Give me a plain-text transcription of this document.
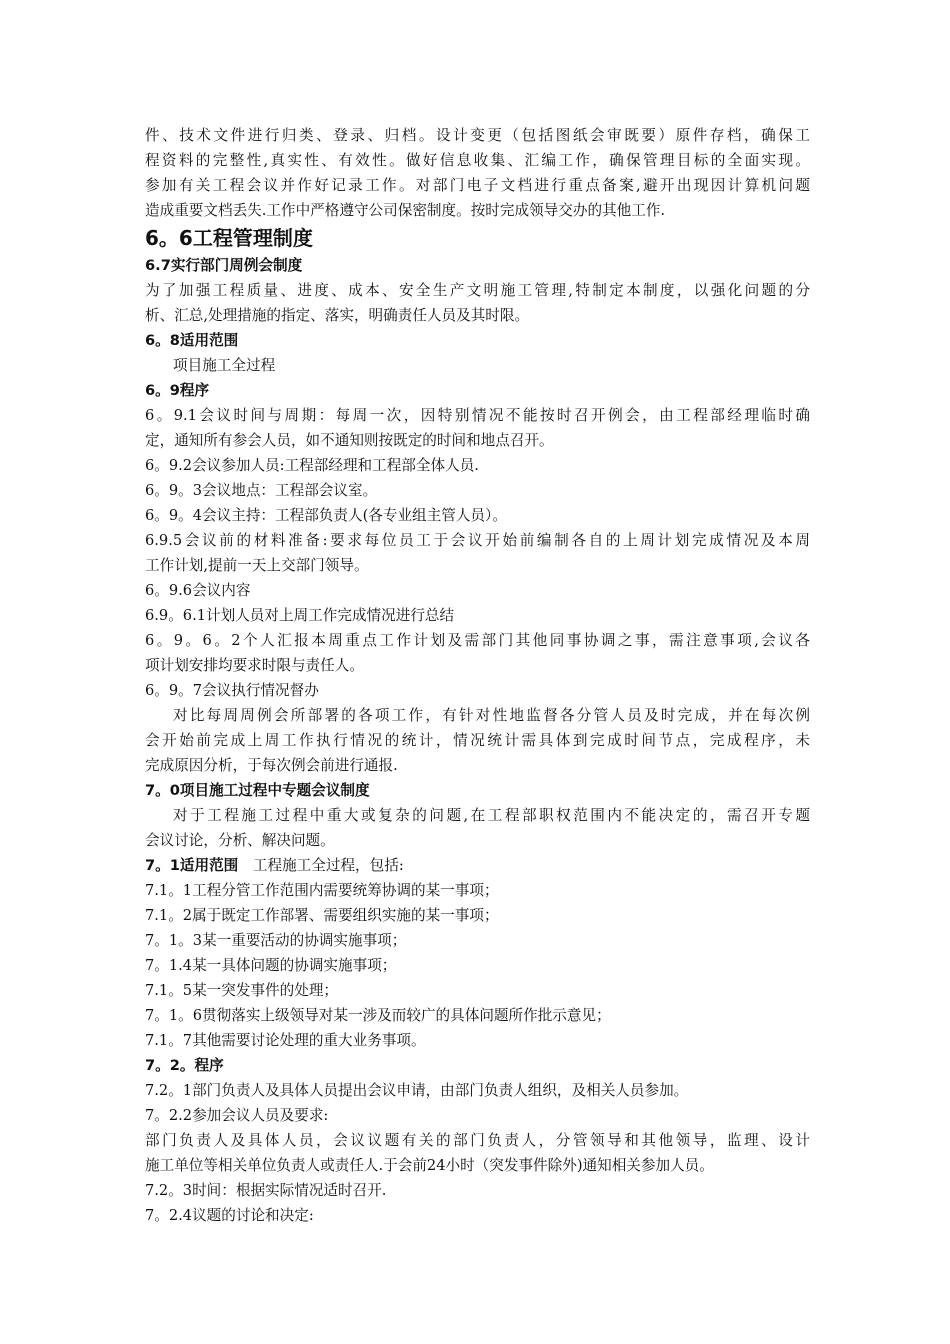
件、技术文件进行归类、登录、归档。设计变更（包括图纸会审既要）原件存档，确保工
程资料的完整性,真实性、有效性。做好信息收集、汇编工作，确保管理目标的全面实现。
参加有关工程会议并作好记录工作。对部门电子文档进行重点备案,避开出现因计算机问题
造成重要文档丢失.工作中严格遵守公司保密制度。按时完成领导交办的其他工作.
6。6工程管理制度
6.7实行部门周例会制度
为了加强工程质量、进度、成本、安全生产文明施工管理,特制定本制度，以强化问题的分
析、汇总,处理措施的指定、落实，明确责任人员及其时限。
6。8适用范围
项目施工全过程
6。9程序
6。9.1会议时间与周期：每周一次，因特别情况不能按时召开例会，由工程部经理临时确
定，通知所有参会人员，如不通知则按既定的时间和地点召开。
6。9.2会议参加人员:工程部经理和工程部全体人员.
6。9。3会议地点：工程部会议室。
6。9。4会议主持：工程部负责人(各专业组主管人员）。
6.9.5会议前的材料准备:要求每位员工于会议开始前编制各自的上周计划完成情况及本周
工作计划,提前一天上交部门领导。
6。9.6会议内容
6.9。6.1计划人员对上周工作完成情况进行总结
6。9。6。2个人汇报本周重点工作计划及需部门其他同事协调之事，需注意事项,会议各
项计划安排均要求时限与责任人。
6。9。7会议执行情况督办
对比每周周例会所部署的各项工作，有针对性地监督各分管人员及时完成，并在每次例
会开始前完成上周工作执行情况的统计，情况统计需具体到完成时间节点，完成程序，未
完成原因分析，于每次例会前进行通报.
7。0项目施工过程中专题会议制度
对于工程施工过程中重大或复杂的问题,在工程部职权范围内不能决定的，需召开专题
会议讨论，分析、解决问题。
7。1适用范围　工程施工全过程，包括:
7.1。1工程分管工作范围内需要统筹协调的某一事项；
7.1。2属于既定工作部署、需要组织实施的某一事项；
7。1。3某一重要活动的协调实施事项；
7。1.4某一具体问题的协调实施事项；
7.1。5某一突发事件的处理；
7。1。6贯彻落实上级领导对某一涉及而较广的具体问题所作批示意见；
7.1。7其他需要讨论处理的重大业务事项。
7。2。程序
7.2。1部门负责人及具体人员提出会议申请，由部门负责人组织，及相关人员参加。
7。2.2参加会议人员及要求:
部门负责人及具体人员，会议议题有关的部门负责人，分管领导和其他领导，监理、设计
施工单位等相关单位负责人或责任人.于会前24小时（突发事件除外)通知相关参加人员。
7.2。3时间：根据实际情况适时召开.
7。2.4议题的讨论和决定:
